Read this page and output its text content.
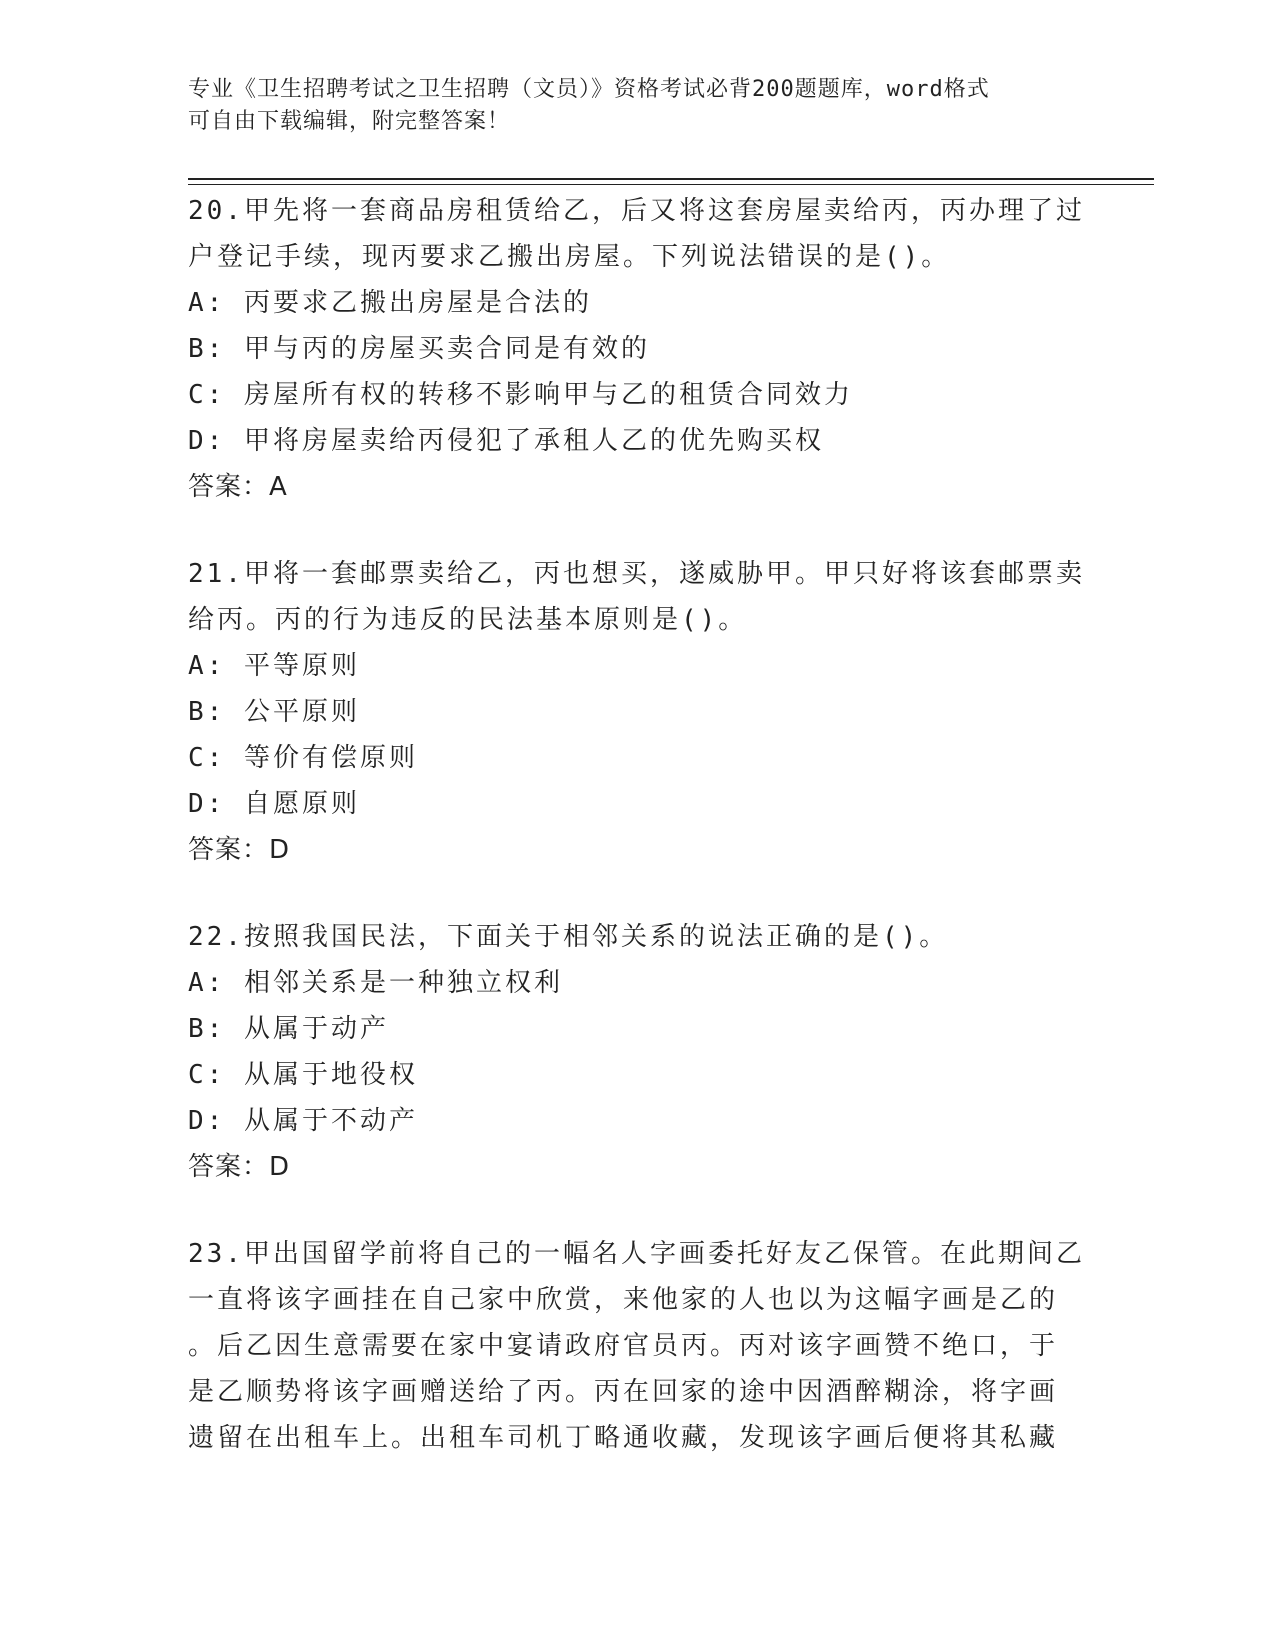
专业《卫生招聘考试之卫生招聘（文员）》资格考试必背200题题库，word格式
可自由下载编辑，附完整答案！

20.甲先将一套商品房租赁给乙，后又将这套房屋卖给丙，丙办理了过

户登记手续，现丙要求乙搬出房屋。下列说法错误的是()。

A: 丙要求乙搬出房屋是合法的

B: 甲与丙的房屋买卖合同是有效的

C: 房屋所有权的转移不影响甲与乙的租赁合同效力

D: 甲将房屋卖给丙侵犯了承租人乙的优先购买权

答案：A

21.甲将一套邮票卖给乙，丙也想买，遂威胁甲。甲只好将该套邮票卖

给丙。丙的行为违反的民法基本原则是()。

A: 平等原则

B: 公平原则

C: 等价有偿原则

D: 自愿原则

答案：D

22.按照我国民法，下面关于相邻关系的说法正确的是()。

A: 相邻关系是一种独立权利

B: 从属于动产

C: 从属于地役权

D: 从属于不动产

答案：D

23.甲出国留学前将自己的一幅名人字画委托好友乙保管。在此期间乙

一直将该字画挂在自己家中欣赏，来他家的人也以为这幅字画是乙的

。后乙因生意需要在家中宴请政府官员丙。丙对该字画赞不绝口，于

是乙顺势将该字画赠送给了丙。丙在回家的途中因酒醉糊涂，将字画

遗留在出租车上。出租车司机丁略通收藏，发现该字画后便将其私藏
